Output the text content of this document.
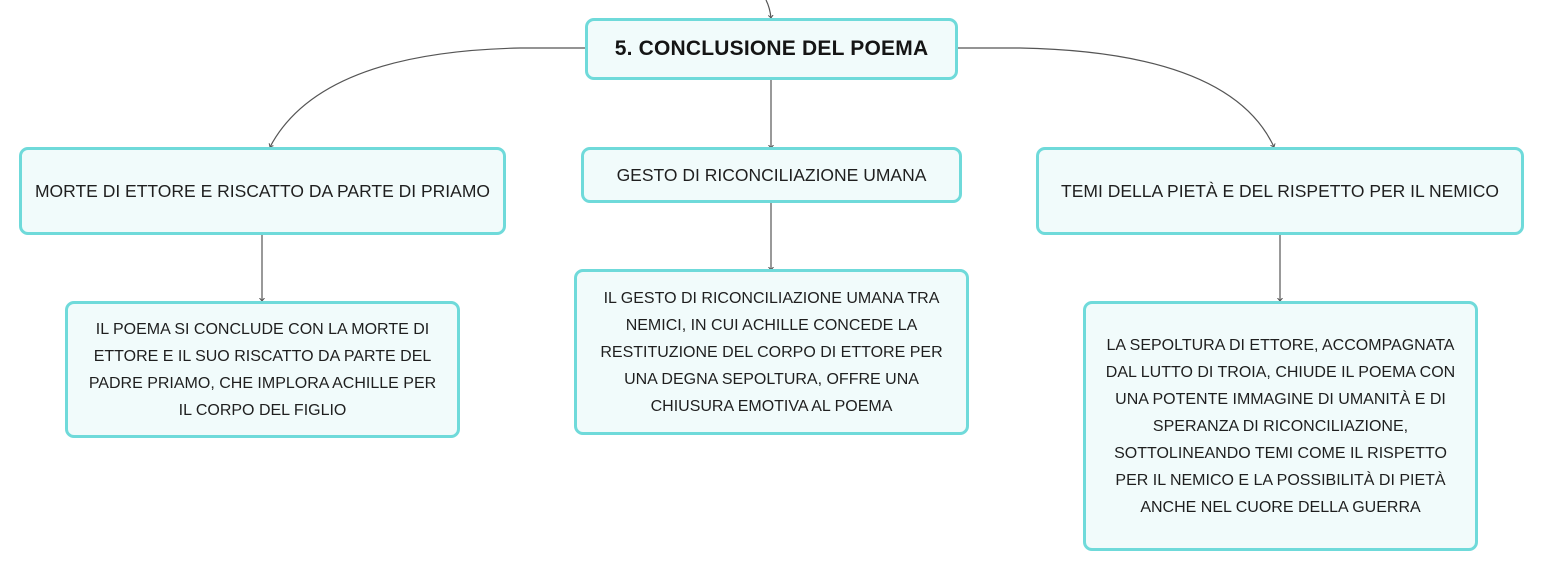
5. CONCLUSIONE DEL POEMA
MORTE DI ETTORE E RISCATTO DA PARTE DI PRIAMO
GESTO DI RICONCILIAZIONE UMANA
TEMI DELLA PIETÀ E DEL RISPETTO PER IL NEMICO
IL POEMA SI CONCLUDE CON LA MORTE DI ETTORE E IL SUO RISCATTO DA PARTE DEL PADRE PRIAMO, CHE IMPLORA ACHILLE PER IL CORPO DEL FIGLIO
IL GESTO DI RICONCILIAZIONE UMANA TRA NEMICI, IN CUI ACHILLE CONCEDE LA RESTITUZIONE DEL CORPO DI ETTORE PER UNA DEGNA SEPOLTURA, OFFRE UNA CHIUSURA EMOTIVA AL POEMA
LA SEPOLTURA DI ETTORE, ACCOMPAGNATA DAL LUTTO DI TROIA, CHIUDE IL POEMA CON UNA POTENTE IMMAGINE DI UMANITÀ E DI SPERANZA DI RICONCILIAZIONE, SOTTOLINEANDO TEMI COME IL RISPETTO PER IL NEMICO E LA POSSIBILITÀ DI PIETÀ ANCHE NEL CUORE DELLA GUERRA
